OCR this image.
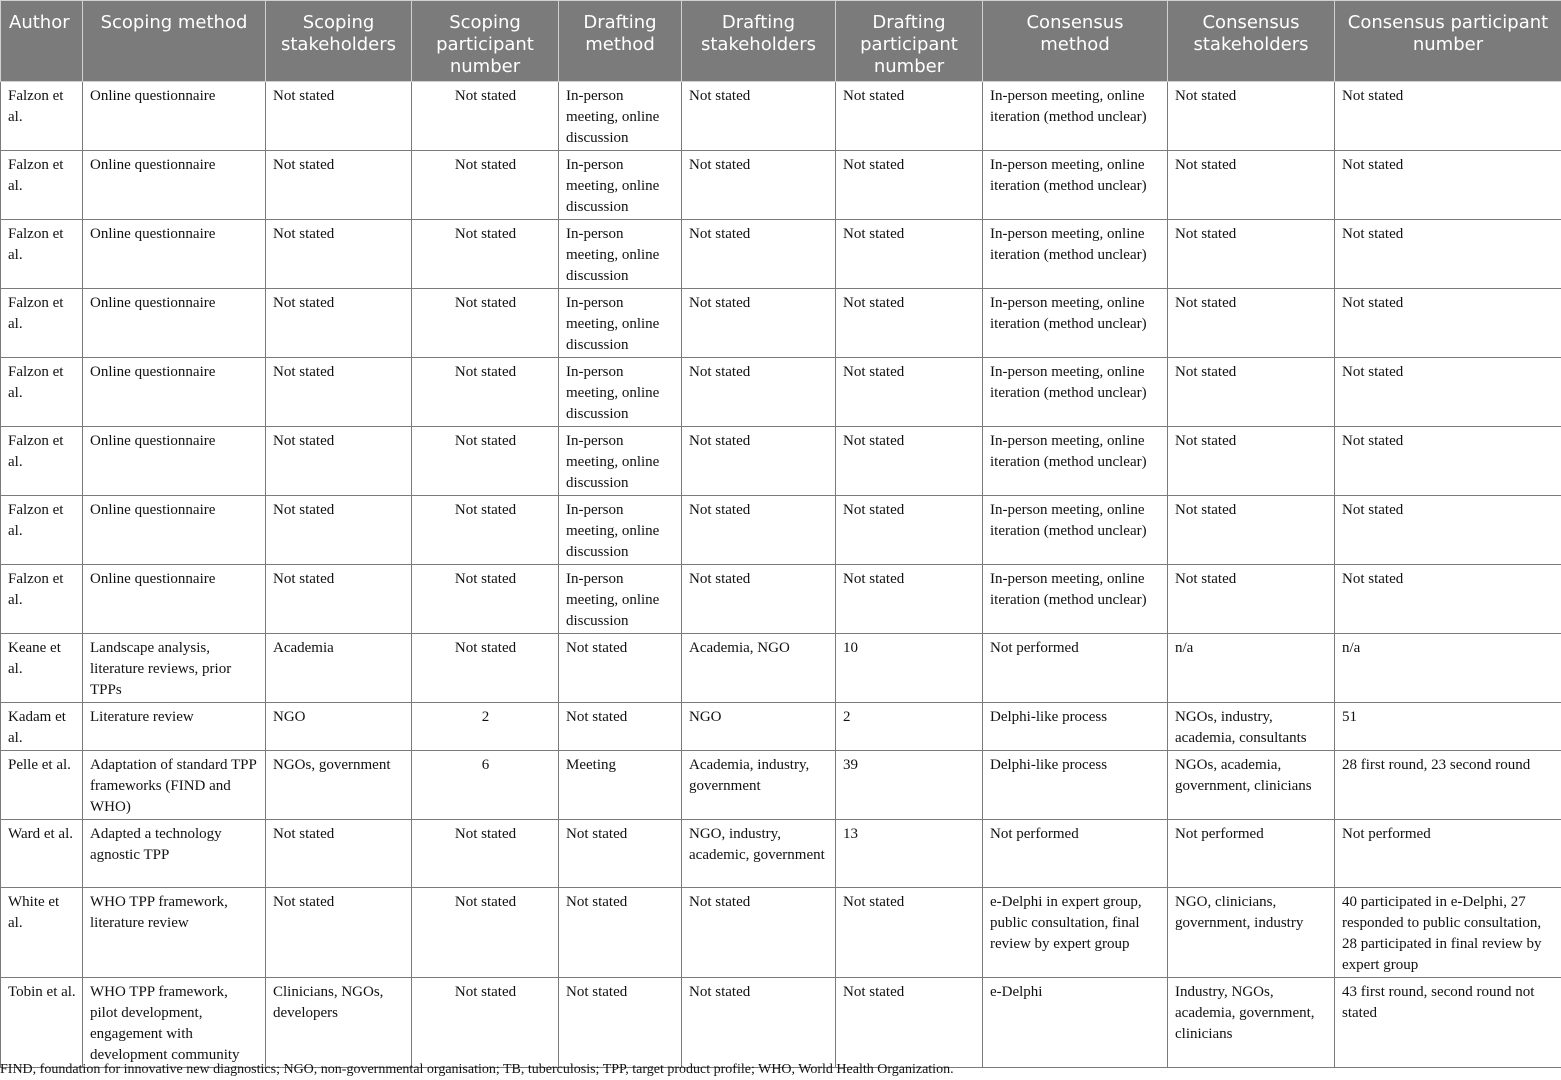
Author	Scoping method	Scoping stakeholders	Scoping participant number	Drafting method	Drafting stakeholders	Drafting participant number	Consensus method	Consensus stakeholders	Consensus participant number
Falzon et al.	Online questionnaire	Not stated	Not stated	In-person meeting, online discussion	Not stated	Not stated	In-person meeting, online iteration (method unclear)	Not stated	Not stated
Falzon et al.	Online questionnaire	Not stated	Not stated	In-person meeting, online discussion	Not stated	Not stated	In-person meeting, online iteration (method unclear)	Not stated	Not stated
Falzon et al.	Online questionnaire	Not stated	Not stated	In-person meeting, online discussion	Not stated	Not stated	In-person meeting, online iteration (method unclear)	Not stated	Not stated
Falzon et al.	Online questionnaire	Not stated	Not stated	In-person meeting, online discussion	Not stated	Not stated	In-person meeting, online iteration (method unclear)	Not stated	Not stated
Falzon et al.	Online questionnaire	Not stated	Not stated	In-person meeting, online discussion	Not stated	Not stated	In-person meeting, online iteration (method unclear)	Not stated	Not stated
Falzon et al.	Online questionnaire	Not stated	Not stated	In-person meeting, online discussion	Not stated	Not stated	In-person meeting, online iteration (method unclear)	Not stated	Not stated
Falzon et al.	Online questionnaire	Not stated	Not stated	In-person meeting, online discussion	Not stated	Not stated	In-person meeting, online iteration (method unclear)	Not stated	Not stated
Falzon et al.	Online questionnaire	Not stated	Not stated	In-person meeting, online discussion	Not stated	Not stated	In-person meeting, online iteration (method unclear)	Not stated	Not stated
Keane et al.	Landscape analysis, literature reviews, prior TPPs	Academia	Not stated	Not stated	Academia, NGO	10	Not performed	n/a	n/a
Kadam et al.	Literature review	NGO	2	Not stated	NGO	2	Delphi-like process	NGOs, industry, academia, consultants	51
Pelle et al.	Adaptation of standard TPP frameworks (FIND and WHO)	NGOs, government	6	Meeting	Academia, industry, government	39	Delphi-like process	NGOs, academia, government, clinicians	28 first round, 23 second round
Ward et al.	Adapted a technology agnostic TPP	Not stated	Not stated	Not stated	NGO, industry, academic, government	13	Not performed	Not performed	Not performed
White et al.	WHO TPP framework, literature review	Not stated	Not stated	Not stated	Not stated	Not stated	e-Delphi in expert group, public consultation, final review by expert group	NGO, clinicians, government, industry	40 participated in e-Delphi, 27 responded to public consultation, 28 participated in final review by expert group
Tobin et al.	WHO TPP framework, pilot development, engagement with development community	Clinicians, NGOs, developers	Not stated	Not stated	Not stated	Not stated	e-Delphi	Industry, NGOs, academia, government, clinicians	43 first round, second round not stated
FIND, foundation for innovative new diagnostics; NGO, non-governmental organisation; TB, tuberculosis; TPP, target product profile; WHO, World Health Organization.
